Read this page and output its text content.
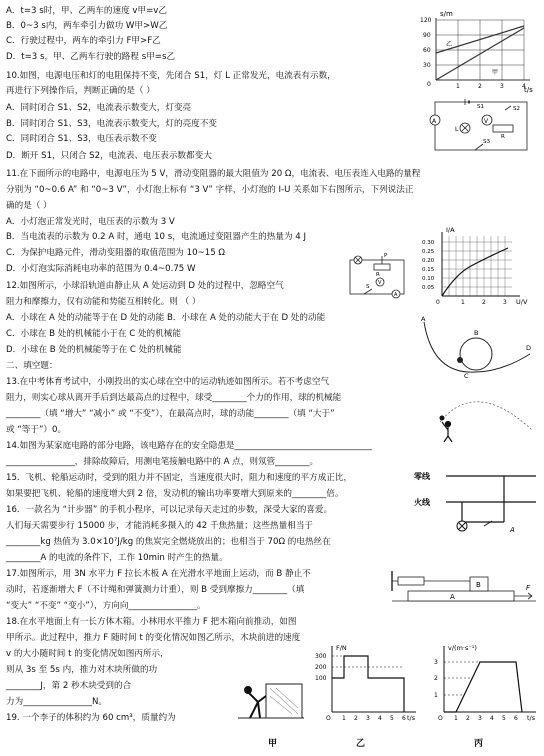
A．t=3 s时，甲、乙两车的速度 v甲=v乙
B．0~3 s内，两车牵引力做功 W甲>W乙
C．行驶过程中，两车的牵引力 F甲>F乙
D．t=3 s，甲、乙两车行驶的路程 s甲=s乙
10.如图，电源电压和灯的电阻保持不变，先闭合 S1，灯 L 正常发光，电流表有示数，
再进行下列操作后，判断正确的是（ ）
A．同时闭合 S1、S2，电流表示数变大，灯变亮
B．同时闭合 S1、S3，电流表示数变大，灯的亮度不变
C．同时闭合 S1、S3，电压表示数不变
D．断开 S1，只闭合 S2，电流表、电压表示数都变大
11.在下面所示的电路中，电源电压为 5 V，滑动变阻器的最大阻值为 20 Ω，电流表、电压表连入电路的量程
分别为 “0~0.6 A” 和 “0~3 V”，小灯泡上标有 “3 V” 字样，小灯泡的 I-U 关系如下右图所示，下列说法正
确的是（ ）
A．小灯泡正常发光时，电压表的示数为 3 V
B．当电流表的示数为 0.2 A 时，通电 10 s，电流通过变阻器产生的热量为 4 J
C．为保护电路元件，滑动变阻器的取值范围为 10~15 Ω
D．小灯泡实际消耗电功率的范围为 0.4~0.75 W
12.如图所示，小球沿轨道由静止从 A 处运动到 D 处的过程中，忽略空气
阻力和摩擦力，仅有动能和势能互相转化。则 （ ）
A．小球在 A 处的动能等于在 D 处的动能 B．小球在 A 处的动能大于在 D 处的动能
C．小球在 B 处的机械能小于在 C 处的机械能
D．小球在 B 处的机械能等于在 C 处的机械能
二、填空题：
13.在中考体育考试中，小刚投出的实心球在空中的运动轨迹如图所示。若不考虑空气
阻力，则实心球从离开手后到达最高点的过程中，球受________个力的作用，球的机械能
________（填 “增大” “减小” 或 “不变”），在最高点时，球的动能________（填 “大于”
或 “等于”）0。
14.如图为某家庭电路的部分电路，该电路存在的安全隐患是________________________________
________________，排除故障后，用测电笔接触电路中的 A 点，则氖管________。
15．飞机、轮船运动时，受到的阻力并不固定，当速度很大时，阻力和速度的平方成正比，
如果要把飞机、轮船的速度增大到 2 倍，发动机的输出功率要增大到原来的________倍。
16．一款名为 “计步器” 的手机小程序，可以记录每天走过的步数，深受大家的喜爱。
人们每天需要步行 15000 步，才能消耗多摄入的 42 千焦热量；这些热量相当于
________kg 热值为 3.0×10⁷J/kg 的焦炭完全燃烧放出的；也相当于 70Ω 的电热丝在
________A 的电流的条件下，工作 10min 时产生的热量。
17.如图所示，用 3N 水平力 F 拉长木板 A 在光滑水平地面上运动，而 B 静止不
动时，若逐渐增大 F（不计绳和弹簧测力计重），则 B 受到摩擦力________（填
“变大” “不变” “变小”），方向向________________。
18.在水平地面上有一长方体木箱。小林用水平推力 F 把木箱向前推动，如图
甲所示。此过程中，推力 F 随时间 t 的变化情况如图乙所示，木块前进的速度
v 的大小随时间 t 的变化情况如图丙所示，
则从 3s 至 5s 内，推力对木块所做的功
________J，第 2 秒木块受到的合
力为________________N。
19. 一个李子的体积约为 60 cm³，质量约为
s/m
t/s
120
90
60
30
0	1	2	3	4
乙
甲
A
L
V
S1	S2
S3
R
I/A
U/V
0
0.30
0.25
0.20
0.15
0.10
0.05
1	2	3
P
R
V
S
A
A
B
C
D
零线
火线
A
B
A
F
F/N
t/s
300
200
100
O 1 2 3 4 5 6
v/(m·s⁻¹)
t/s
3
2
1
O 1 2 3 4 5 6
甲	乙	丙
